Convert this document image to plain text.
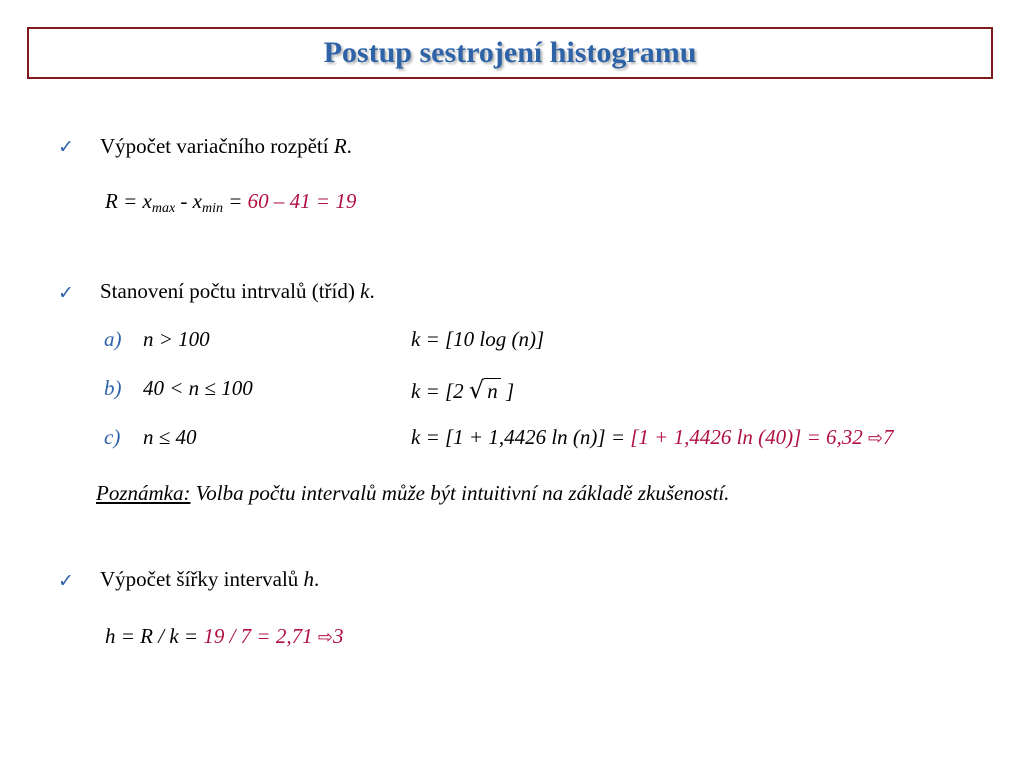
Postup sestrojení histogramu
✓ Výpočet variačního rozpětí R.
$R = x_{max} - x_{min} = 60 - 41 = 19$
✓ Stanovení počtu intrvalů (tříd) k.
a) n > 100	k = [10 log (n)]
b) 40 < n ≤ 100	k = [2 √ n ]
c) n ≤ 40	k = [1 + 1,4426 ln (n)] = [1 + 1,4426 ln (40)] = 6,32 ⇨7
Poznámka: Volba počtu intervalů může být intuitivní na základě zkušeností.
✓ Výpočet šířky intervalů h.
h = R / k = 19 / 7 = 2,71 ⇨3
